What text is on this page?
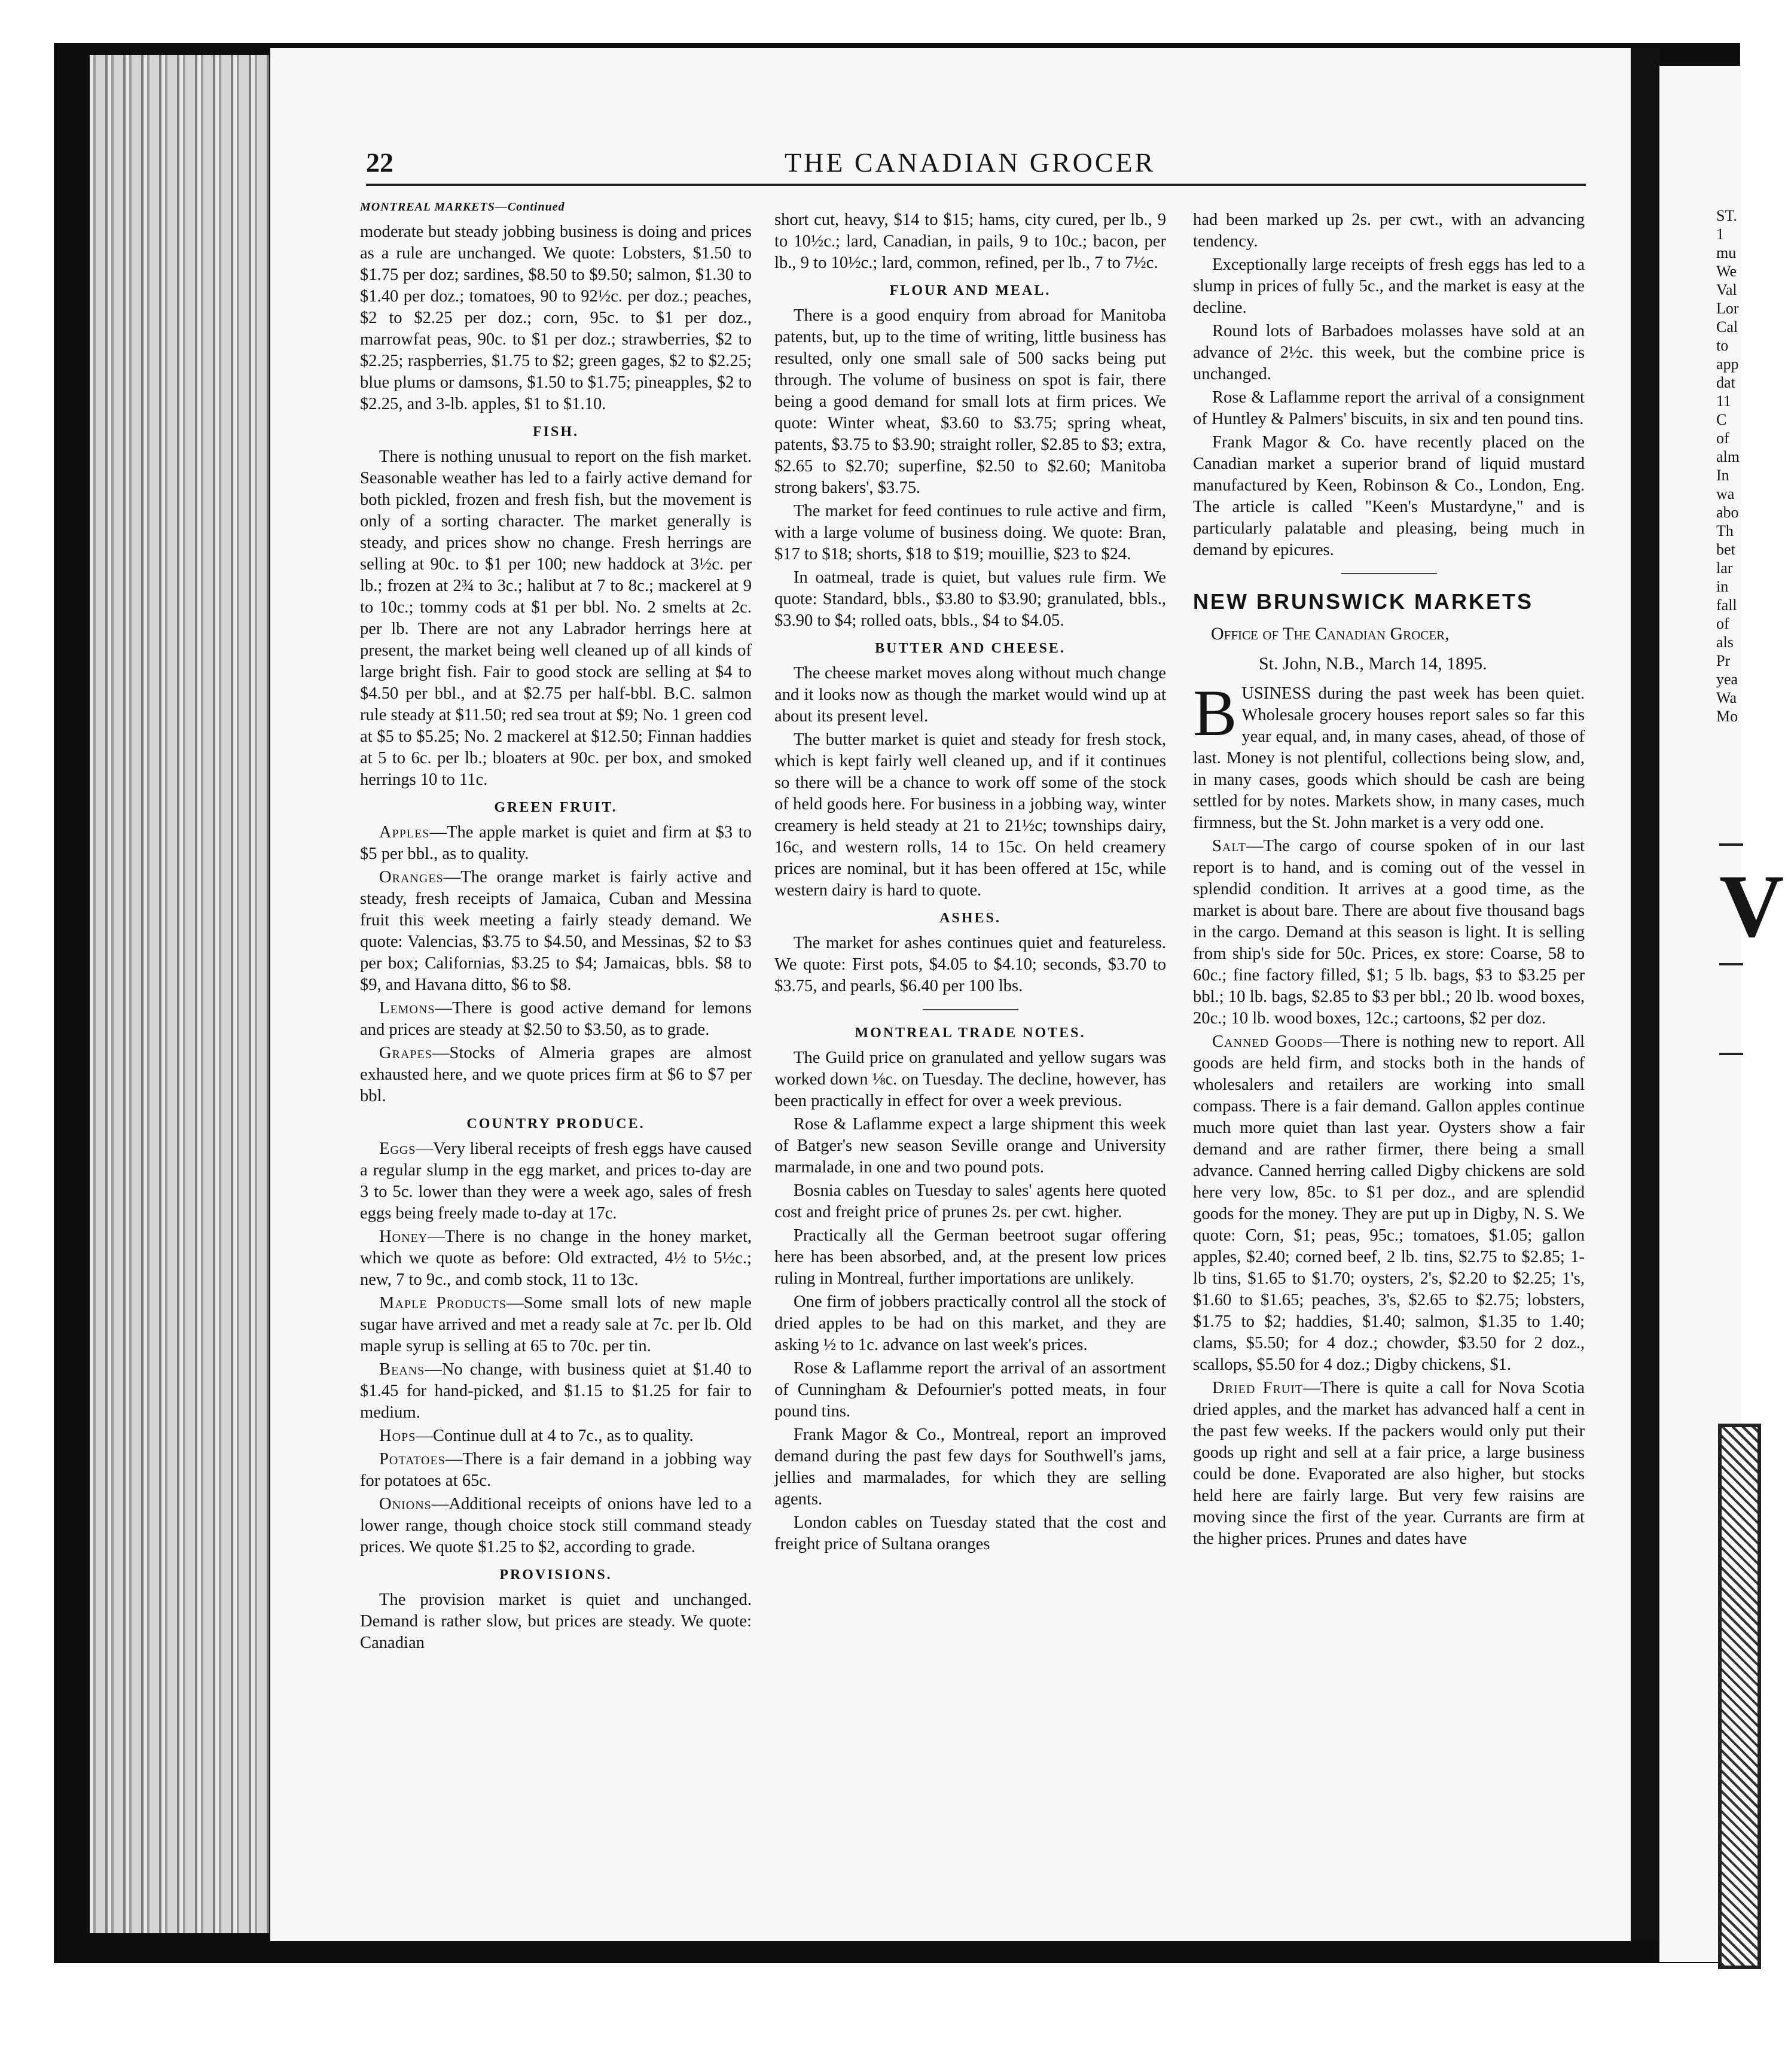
22	THE CANADIAN GROCER
MONTREAL MARKETS—Continued

moderate but steady jobbing business is doing and prices as a rule are unchanged. We quote: Lobsters, $1.50 to $1.75 per doz; sardines, $8.50 to $9.50; salmon, $1.30 to $1.40 per doz.; tomatoes, 90 to 92½c. per doz.; peaches, $2 to $2.25 per doz.; corn, 95c. to $1 per doz., marrowfat peas, 90c. to $1 per doz.; strawberries, $2 to $2.25; raspberries, $1.75 to $2; green gages, $2 to $2.25; blue plums or damsons, $1.50 to $1.75; pineapples, $2 to $2.25, and 3-lb. apples, $1 to $1.10.

FISH.

There is nothing unusual to report on the fish market. Seasonable weather has led to a fairly active demand for both pickled, frozen and fresh fish, but the movement is only of a sorting character. The market generally is steady, and prices show no change. Fresh herrings are selling at 90c. to $1 per 100; new haddock at 3½c. per lb.; frozen at 2¾ to 3c.; halibut at 7 to 8c.; mackerel at 9 to 10c.; tommy cods at $1 per bbl. No. 2 smelts at 2c. per lb. There are not any Labrador herrings here at present, the market being well cleaned up of all kinds of large bright fish. Fair to good stock are selling at $4 to $4.50 per bbl., and at $2.75 per half-bbl. B.C. salmon rule steady at $11.50; red sea trout at $9; No. 1 green cod at $5 to $5.25; No. 2 mackerel at $12.50; Finnan haddies at 5 to 6c. per lb.; bloaters at 90c. per box, and smoked herrings 10 to 11c.

GREEN FRUIT.

Apples—The apple market is quiet and firm at $3 to $5 per bbl., as to quality.

Oranges—The orange market is fairly active and steady, fresh receipts of Jamaica, Cuban and Messina fruit this week meeting a fairly steady demand. We quote: Valencias, $3.75 to $4.50, and Messinas, $2 to $3 per box; Californias, $3.25 to $4; Jamaicas, bbls. $8 to $9, and Havana ditto, $6 to $8.

Lemons—There is good active demand for lemons and prices are steady at $2.50 to $3.50, as to grade.

Grapes—Stocks of Almeria grapes are almost exhausted here, and we quote prices firm at $6 to $7 per bbl.

COUNTRY PRODUCE.

Eggs—Very liberal receipts of fresh eggs have caused a regular slump in the egg market, and prices to-day are 3 to 5c. lower than they were a week ago, sales of fresh eggs being freely made to-day at 17c.

Honey—There is no change in the honey market, which we quote as before: Old extracted, 4½ to 5½c.; new, 7 to 9c., and comb stock, 11 to 13c.

Maple Products—Some small lots of new maple sugar have arrived and met a ready sale at 7c. per lb. Old maple syrup is selling at 65 to 70c. per tin.

Beans—No change, with business quiet at $1.40 to $1.45 for hand-picked, and $1.15 to $1.25 for fair to medium.

Hops—Continue dull at 4 to 7c., as to quality.

Potatoes—There is a fair demand in a jobbing way for potatoes at 65c.

Onions—Additional receipts of onions have led to a lower range, though choice stock still command steady prices. We quote $1.25 to $2, according to grade.

PROVISIONS.

The provision market is quiet and unchanged. Demand is rather slow, but prices are steady. We quote: Canadian

short cut, heavy, $14 to $15; hams, city cured, per lb., 9 to 10½c.; lard, Canadian, in pails, 9 to 10c.; bacon, per lb., 9 to 10½c.; lard, common, refined, per lb., 7 to 7½c.

FLOUR AND MEAL.

There is a good enquiry from abroad for Manitoba patents, but, up to the time of writing, little business has resulted, only one small sale of 500 sacks being put through. The volume of business on spot is fair, there being a good demand for small lots at firm prices. We quote: Winter wheat, $3.60 to $3.75; spring wheat, patents, $3.75 to $3.90; straight roller, $2.85 to $3; extra, $2.65 to $2.70; superfine, $2.50 to $2.60; Manitoba strong bakers', $3.75.

The market for feed continues to rule active and firm, with a large volume of business doing. We quote: Bran, $17 to $18; shorts, $18 to $19; mouillie, $23 to $24.

In oatmeal, trade is quiet, but values rule firm. We quote: Standard, bbls., $3.80 to $3.90; granulated, bbls., $3.90 to $4; rolled oats, bbls., $4 to $4.05.

BUTTER AND CHEESE.

The cheese market moves along without much change and it looks now as though the market would wind up at about its present level.

The butter market is quiet and steady for fresh stock, which is kept fairly well cleaned up, and if it continues so there will be a chance to work off some of the stock of held goods here. For business in a jobbing way, winter creamery is held steady at 21 to 21½c; townships dairy, 16c, and western rolls, 14 to 15c. On held creamery prices are nominal, but it has been offered at 15c, while western dairy is hard to quote.

ASHES.

The market for ashes continues quiet and featureless. We quote: First pots, $4.05 to $4.10; seconds, $3.70 to $3.75, and pearls, $6.40 per 100 lbs.

MONTREAL TRADE NOTES.

The Guild price on granulated and yellow sugars was worked down ⅛c. on Tuesday. The decline, however, has been practically in effect for over a week previous.

Rose & Laflamme expect a large shipment this week of Batger's new season Seville orange and University marmalade, in one and two pound pots.

Bosnia cables on Tuesday to sales' agents here quoted cost and freight price of prunes 2s. per cwt. higher.

Practically all the German beetroot sugar offering here has been absorbed, and, at the present low prices ruling in Montreal, further importations are unlikely.

One firm of jobbers practically control all the stock of dried apples to be had on this market, and they are asking ½ to 1c. advance on last week's prices.

Rose & Laflamme report the arrival of an assortment of Cunningham & Defournier's potted meats, in four pound tins.

Frank Magor & Co., Montreal, report an improved demand during the past few days for Southwell's jams, jellies and marmalades, for which they are selling agents.

London cables on Tuesday stated that the cost and freight price of Sultana oranges

had been marked up 2s. per cwt., with an advancing tendency.

Exceptionally large receipts of fresh eggs has led to a slump in prices of fully 5c., and the market is easy at the decline.

Round lots of Barbadoes molasses have sold at an advance of 2½c. this week, but the combine price is unchanged.

Rose & Laflamme report the arrival of a consignment of Huntley & Palmers' biscuits, in six and ten pound tins.

Frank Magor & Co. have recently placed on the Canadian market a superior brand of liquid mustard manufactured by Keen, Robinson & Co., London, Eng. The article is called "Keen's Mustardyne," and is particularly palatable and pleasing, being much in demand by epicures.

NEW BRUNSWICK MARKETS
Office of The Canadian Grocer,
St. John, N.B., March 14, 1895.

BUSINESS during the past week has been quiet. Wholesale grocery houses report sales so far this year equal, and, in many cases, ahead, of those of last. Money is not plentiful, collections being slow, and, in many cases, goods which should be cash are being settled for by notes. Markets show, in many cases, much firmness, but the St. John market is a very odd one.

Salt—The cargo of course spoken of in our last report is to hand, and is coming out of the vessel in splendid condition. It arrives at a good time, as the market is about bare. There are about five thousand bags in the cargo. Demand at this season is light. It is selling from ship's side for 50c. Prices, ex store: Coarse, 58 to 60c.; fine factory filled, $1; 5 lb. bags, $3 to $3.25 per bbl.; 10 lb. bags, $2.85 to $3 per bbl.; 20 lb. wood boxes, 20c.; 10 lb. wood boxes, 12c.; cartoons, $2 per doz.

Canned Goods—There is nothing new to report. All goods are held firm, and stocks both in the hands of wholesalers and retailers are working into small compass. There is a fair demand. Gallon apples continue much more quiet than last year. Oysters show a fair demand and are rather firmer, there being a small advance. Canned herring called Digby chickens are sold here very low, 85c. to $1 per doz., and are splendid goods for the money. They are put up in Digby, N. S. We quote: Corn, $1; peas, 95c.; tomatoes, $1.05; gallon apples, $2.40; corned beef, 2 lb. tins, $2.75 to $2.85; 1-lb tins, $1.65 to $1.70; oysters, 2's, $2.20 to $2.25; 1's, $1.60 to $1.65; peaches, 3's, $2.65 to $2.75; lobsters, $1.75 to $2; haddies, $1.40; salmon, $1.35 to 1.40; clams, $5.50; for 4 doz.; chowder, $3.50 for 2 doz., scallops, $5.50 for 4 doz.; Digby chickens, $1.

Dried Fruit—There is quite a call for Nova Scotia dried apples, and the market has advanced half a cent in the past few weeks. If the packers would only put their goods up right and sell at a fair price, a large business could be done. Evaporated are also higher, but stocks held here are fairly large. But very few raisins are moving since the first of the year. Currants are firm at the higher prices. Prunes and dates have

ST.
1
mu
We
Val
Lor
Cal
to
app
dat
11
C
of
alm
In
wa
abo
Th
bet
lar
in
fall
of
als
Pr
yea
Wa
Mo
V
